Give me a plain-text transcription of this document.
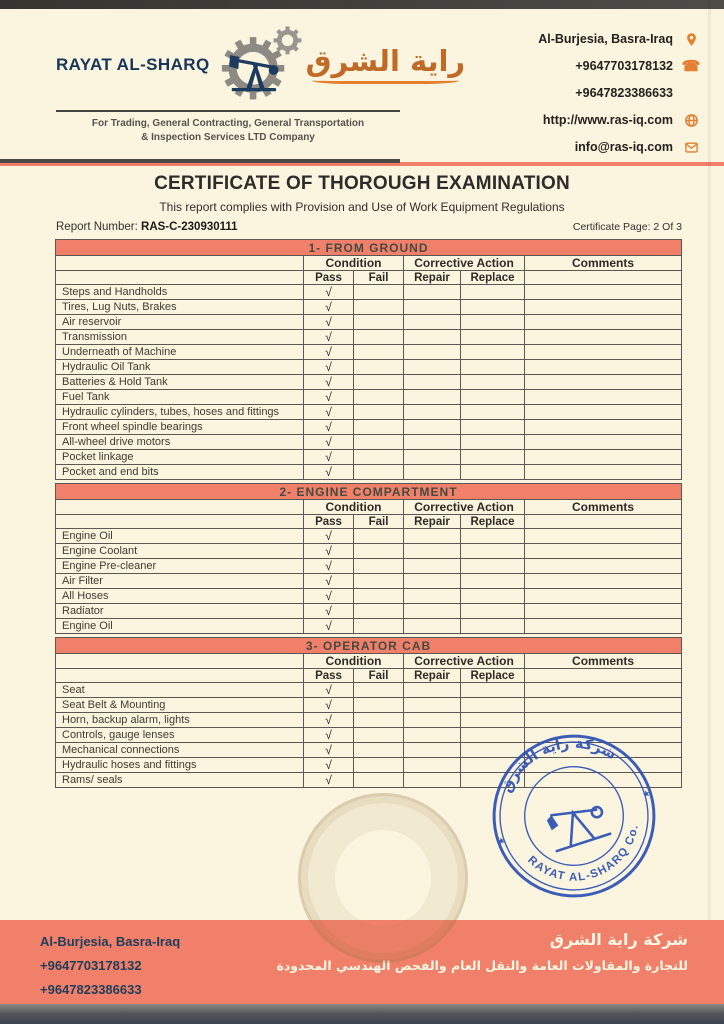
RAYAT AL-SHARQ	راية الشرق
For Trading, General Contracting, General Transportation
& Inspection Services LTD Company
Al-Burjesia, Basra-Iraq
+9647703178132 ☎
+9647823386633
http://www.ras-iq.com
info@ras-iq.com
CERTIFICATE OF THOROUGH EXAMINATION
This report complies with Provision and Use of Work Equipment Regulations
Report Number: RAS-C-230930111	Certificate Page: 2 Of 3
1- FROM GROUND					
	Condition		Corrective Action		Comments
	Pass	Fail	Repair	Replace	
Steps and Handholds	√				
Tires, Lug Nuts, Brakes	√				
Air reservoir	√				
Transmission	√				
Underneath of Machine	√				
Hydraulic Oil Tank	√				
Batteries & Hold Tank	√				
Fuel Tank	√				
Hydraulic cylinders, tubes, hoses and fittings	√				
Front wheel spindle bearings	√				
All-wheel drive motors	√				
Pocket linkage	√				
Pocket and end bits	√				
2- ENGINE COMPARTMENT					
	Condition		Corrective Action		Comments
	Pass	Fail	Repair	Replace	
Engine Oil	√				
Engine Coolant	√				
Engine Pre-cleaner	√				
Air Filter	√				
All Hoses	√				
Radiator	√				
Engine Oil	√				
3- OPERATOR CAB					
	Condition		Corrective Action		Comments
	Pass	Fail	Repair	Replace	
Seat	√				
Seat Belt & Mounting	√				
Horn, backup alarm, lights	√				
Controls, gauge lenses	√				
Mechanical connections	√				
Hydraulic hoses and fittings	√				
Rams/ seals	√					شركة راية الشرق
RAYAT AL-SHARQ Co.
★
★
Al-Burjesia, Basra-Iraq
+9647703178132
+9647823386633
شركة راية الشرق
للتجارة والمقاولات العامة والنقل العام والفحص الهندسي المحدودة
